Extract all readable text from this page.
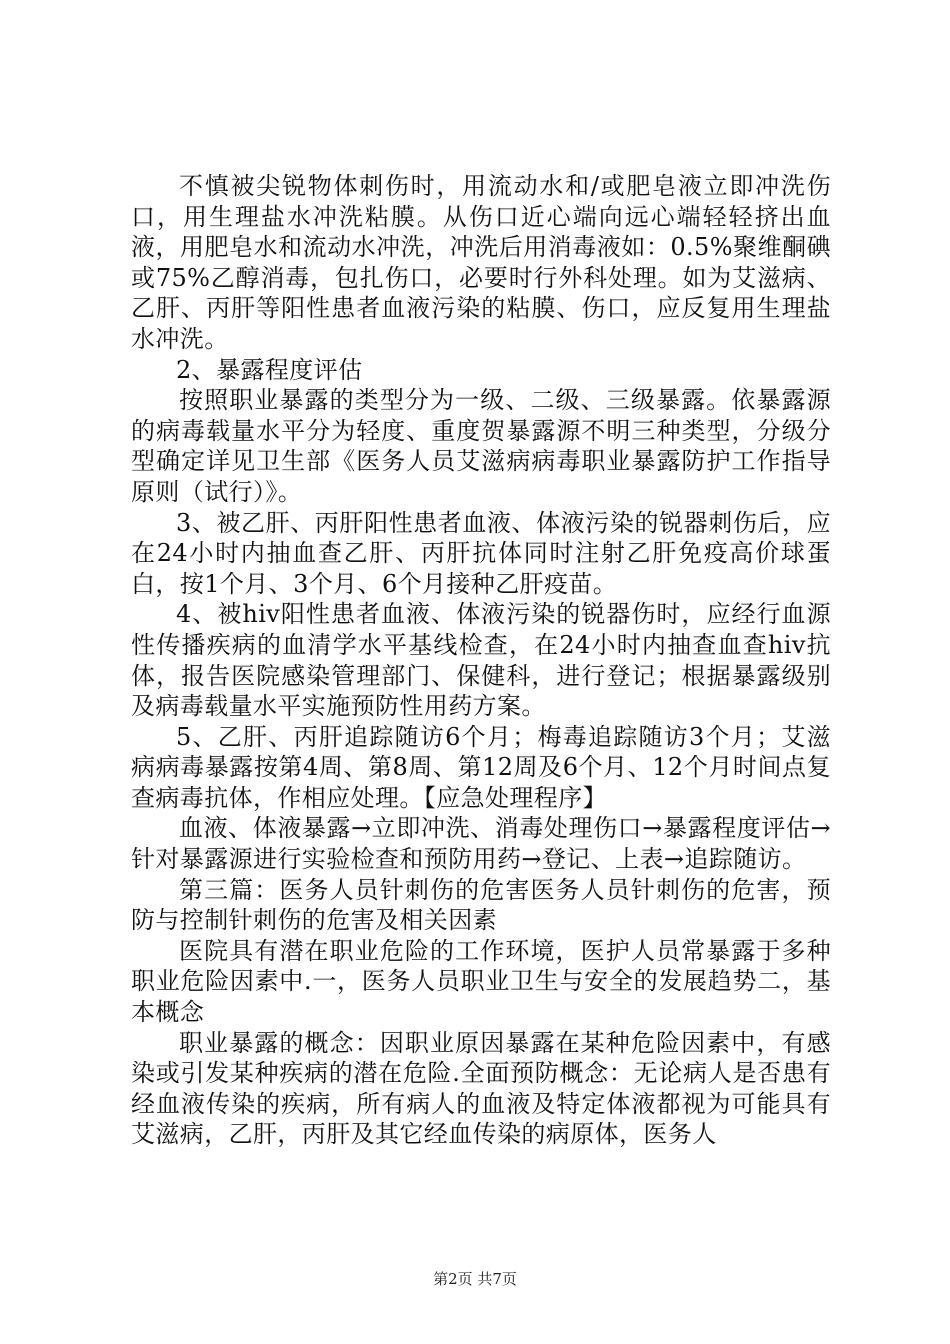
不慎被尖锐物体刺伤时，用流动水和/或肥皂液立即冲洗伤口，用生理盐水冲洗粘膜。从伤口近心端向远心端轻轻挤出血液，用肥皂水和流动水冲洗，冲洗后用消毒液如：0.5%聚维酮碘或75%乙醇消毒，包扎伤口，必要时行外科处理。如为艾滋病、乙肝、丙肝等阳性患者血液污染的粘膜、伤口，应反复用生理盐水冲洗。

2、暴露程度评估

按照职业暴露的类型分为一级、二级、三级暴露。依暴露源的病毒载量水平分为轻度、重度贺暴露源不明三种类型，分级分型确定详见卫生部《医务人员艾滋病病毒职业暴露防护工作指导原则（试行）》。

3、被乙肝、丙肝阳性患者血液、体液污染的锐器刺伤后，应在24小时内抽血查乙肝、丙肝抗体同时注射乙肝免疫高价球蛋白，按1个月、3个月、6个月接种乙肝疫苗。

4、被hiv阳性患者血液、体液污染的锐器伤时，应经行血源性传播疾病的血清学水平基线检查，在24小时内抽查血查hiv抗体，报告医院感染管理部门、保健科，进行登记；根据暴露级别及病毒载量水平实施预防性用药方案。

5、乙肝、丙肝追踪随访6个月；梅毒追踪随访3个月；艾滋病病毒暴露按第4周、第8周、第12周及6个月、12个月时间点复查病毒抗体，作相应处理。【应急处理程序】

血液、体液暴露→立即冲洗、消毒处理伤口→暴露程度评估→针对暴露源进行实验检查和预防用药→登记、上表→追踪随访。

第三篇：医务人员针刺伤的危害医务人员针刺伤的危害，预防与控制针刺伤的危害及相关因素

医院具有潜在职业危险的工作环境，医护人员常暴露于多种职业危险因素中.一，医务人员职业卫生与安全的发展趋势二，基本概念

职业暴露的概念：因职业原因暴露在某种危险因素中，有感染或引发某种疾病的潜在危险.全面预防概念：无论病人是否患有经血液传染的疾病，所有病人的血液及特定体液都视为可能具有艾滋病，乙肝，丙肝及其它经血传染的病原体，医务人

第2页 共7页
